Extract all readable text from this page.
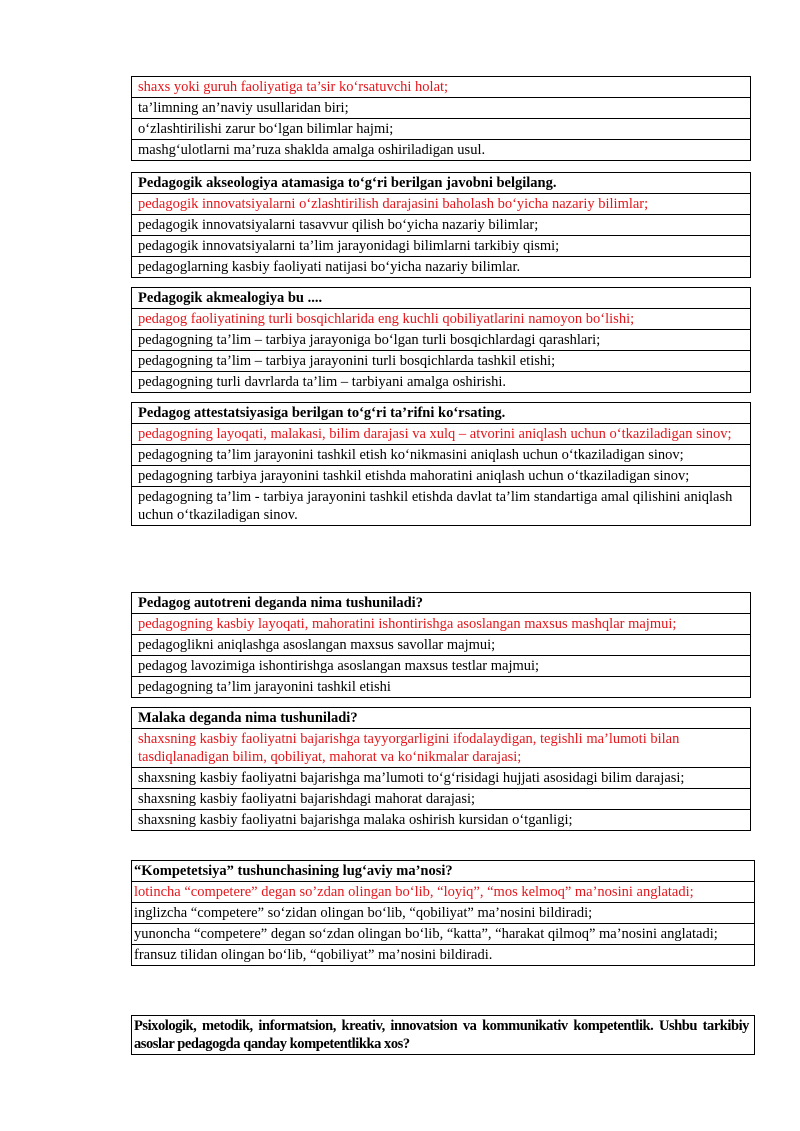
shaxs yoki guruh faoliyatiga ta’sir ko‘rsatuvchi holat;
ta’limning an’naviy usullaridan biri;
o‘zlashtirilishi zarur bo‘lgan bilimlar hajmi;
mashg‘ulotlarni ma’ruza shaklda amalga oshiriladigan usul.
Pedagogik akseologiya atamasiga to‘g‘ri berilgan javobni belgilang.
pedagogik innovatsiyalarni o‘zlashtirilish darajasini baholash bo‘yicha nazariy bilimlar;
pedagogik innovatsiyalarni tasavvur qilish bo‘yicha nazariy bilimlar;
pedagogik innovatsiyalarni ta’lim jarayonidagi bilimlarni tarkibiy qismi;
pedagoglarning kasbiy faoliyati natijasi bo‘yicha nazariy bilimlar.
Pedagogik akmealogiya bu ....
pedagog faoliyatining turli bosqichlarida eng kuchli qobiliyatlarini namoyon bo‘lishi;
pedagogning ta’lim – tarbiya jarayoniga bo‘lgan turli bosqichlardagi qarashlari;
pedagogning ta’lim – tarbiya jarayonini turli bosqichlarda tashkil etishi;
pedagogning turli davrlarda ta’lim – tarbiyani amalga oshirishi.
Pedagog attestatsiyasiga berilgan to‘g‘ri ta’rifni ko‘rsating.
pedagogning layoqati, malakasi, bilim darajasi va xulq – atvorini aniqlash uchun o‘tkaziladigan sinov;
pedagogning ta’lim jarayonini tashkil etish ko‘nikmasini aniqlash uchun o‘tkaziladigan sinov;
pedagogning tarbiya jarayonini tashkil etishda mahoratini aniqlash uchun o‘tkaziladigan sinov;
pedagogning ta’lim - tarbiya jarayonini tashkil etishda davlat ta’lim standartiga amal qilishini aniqlash uchun o‘tkaziladigan sinov.
Pedagog autotreni deganda nima tushuniladi?
pedagogning kasbiy layoqati, mahoratini ishontirishga asoslangan maxsus mashqlar majmui;
pedagoglikni aniqlashga asoslangan maxsus savollar majmui;
pedagog lavozimiga ishontirishga asoslangan maxsus testlar majmui;
pedagogning ta’lim jarayonini tashkil etishi
Malaka deganda nima tushuniladi?
shaxsning kasbiy faoliyatni bajarishga tayyorgarligini ifodalaydigan, tegishli ma’lumoti bilan tasdiqlanadigan bilim, qobiliyat, mahorat va ko‘nikmalar darajasi;
shaxsning kasbiy faoliyatni bajarishga ma’lumoti to‘g‘risidagi hujjati asosidagi bilim darajasi;
shaxsning kasbiy faoliyatni bajarishdagi mahorat darajasi;
shaxsning kasbiy faoliyatni bajarishga malaka oshirish kursidan o‘tganligi;
“Kompetetsiya” tushunchasining lug‘aviy ma’nosi?
lotincha “competere” degan so’zdan olingan bo‘lib, “loyiq”, “mos kelmoq” ma’nosini anglatadi;
inglizcha “competere” so‘zidan olingan bo‘lib, “qobiliyat” ma’nosini bildiradi;
yunoncha “competere” degan so‘zdan olingan bo‘lib, “katta”, “harakat qilmoq” ma’nosini anglatadi;
fransuz tilidan olingan bo‘lib, “qobiliyat” ma’nosini bildiradi.
Psixologik, metodik, informatsion, kreativ, innovatsion va kommunikativ kompetentlik. Ushbu tarkibiy asoslar pedagogda qanday kompetentlikka xos?
